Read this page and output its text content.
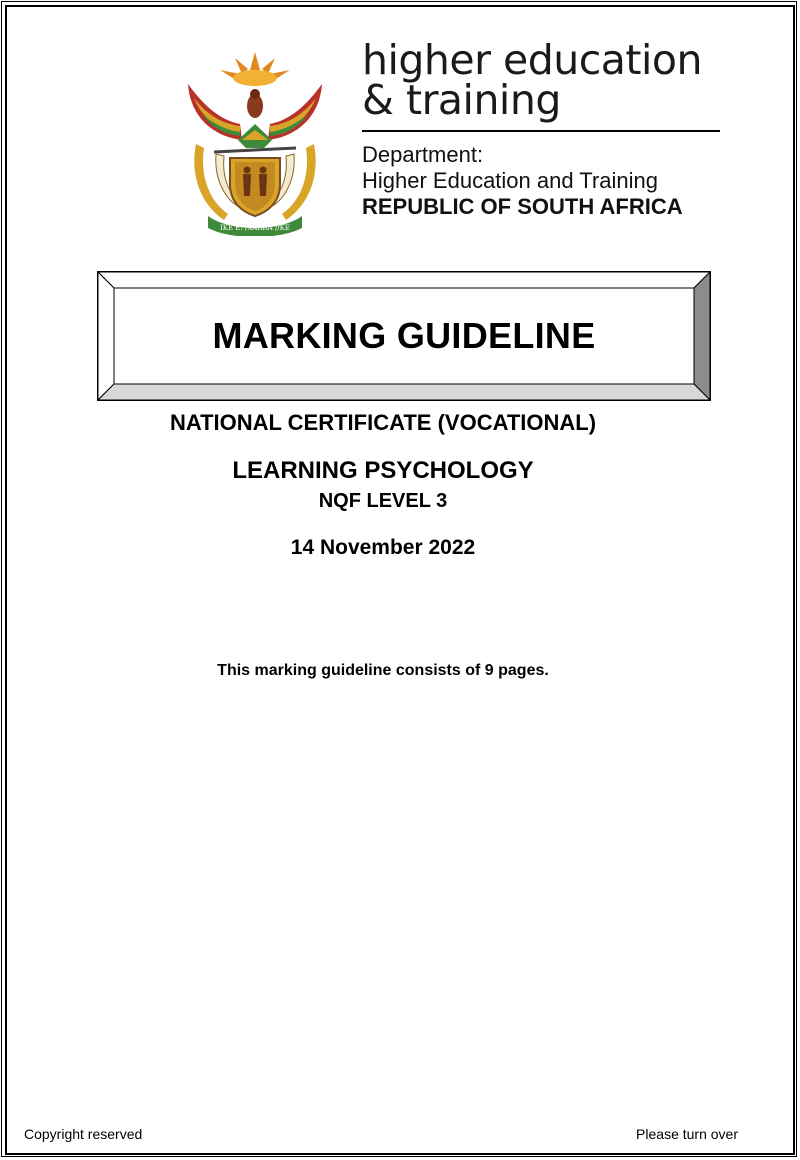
IKE E: /XARRA //KE
higher education
& training
Department:
Higher Education and Training
REPUBLIC OF SOUTH AFRICA
MARKING GUIDELINE
NATIONAL CERTIFICATE (VOCATIONAL)
LEARNING PSYCHOLOGY
NQF LEVEL 3
14 November 2022
This marking guideline consists of 9 pages.
Copyright reserved	Please turn over
